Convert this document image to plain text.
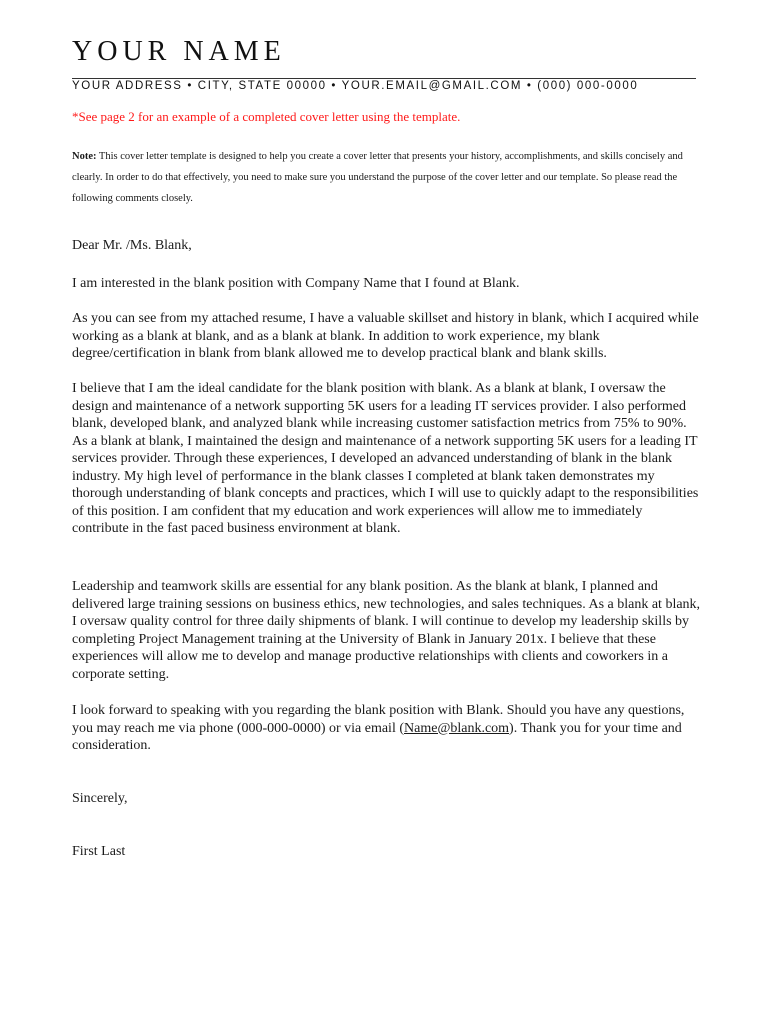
YOUR NAME
YOUR ADDRESS • CITY, STATE 00000 • YOUR.EMAIL@GMAIL.COM • (000) 000-0000
*See page 2 for an example of a completed cover letter using the template.
Note: This cover letter template is designed to help you create a cover letter that presents your history, accomplishments, and skills concisely and clearly. In order to do that effectively, you need to make sure you understand the purpose of the cover letter and our template. So please read the following comments closely.
Dear Mr. /Ms. Blank,
I am interested in the blank position with Company Name that I found at Blank.
As you can see from my attached resume, I have a valuable skillset and history in blank, which I acquired while working as a blank at blank, and as a blank at blank. In addition to work experience, my blank degree/certification in blank from blank allowed me to develop practical blank and blank skills.
I believe that I am the ideal candidate for the blank position with blank. As a blank at blank, I oversaw the design and maintenance of a network supporting 5K users for a leading IT services provider. I also performed blank, developed blank, and analyzed blank while increasing customer satisfaction metrics from 75% to 90%. As a blank at blank, I maintained the design and maintenance of a network supporting 5K users for a leading IT services provider. Through these experiences, I developed an advanced understanding of blank in the blank industry. My high level of performance in the blank classes I completed at blank taken demonstrates my thorough understanding of blank concepts and practices, which I will use to quickly adapt to the responsibilities of this position. I am confident that my education and work experiences will allow me to immediately contribute in the fast paced business environment at blank.
Leadership and teamwork skills are essential for any blank position. As the blank at blank, I planned and delivered large training sessions on business ethics, new technologies, and sales techniques. As a blank at blank, I oversaw quality control for three daily shipments of blank. I will continue to develop my leadership skills by completing Project Management training at the University of Blank in January 201x. I believe that these experiences will allow me to develop and manage productive relationships with clients and coworkers in a corporate setting.
I look forward to speaking with you regarding the blank position with Blank. Should you have any questions, you may reach me via phone (000-000-0000) or via email (Name@blank.com). Thank you for your time and consideration.
Sincerely,
First Last
